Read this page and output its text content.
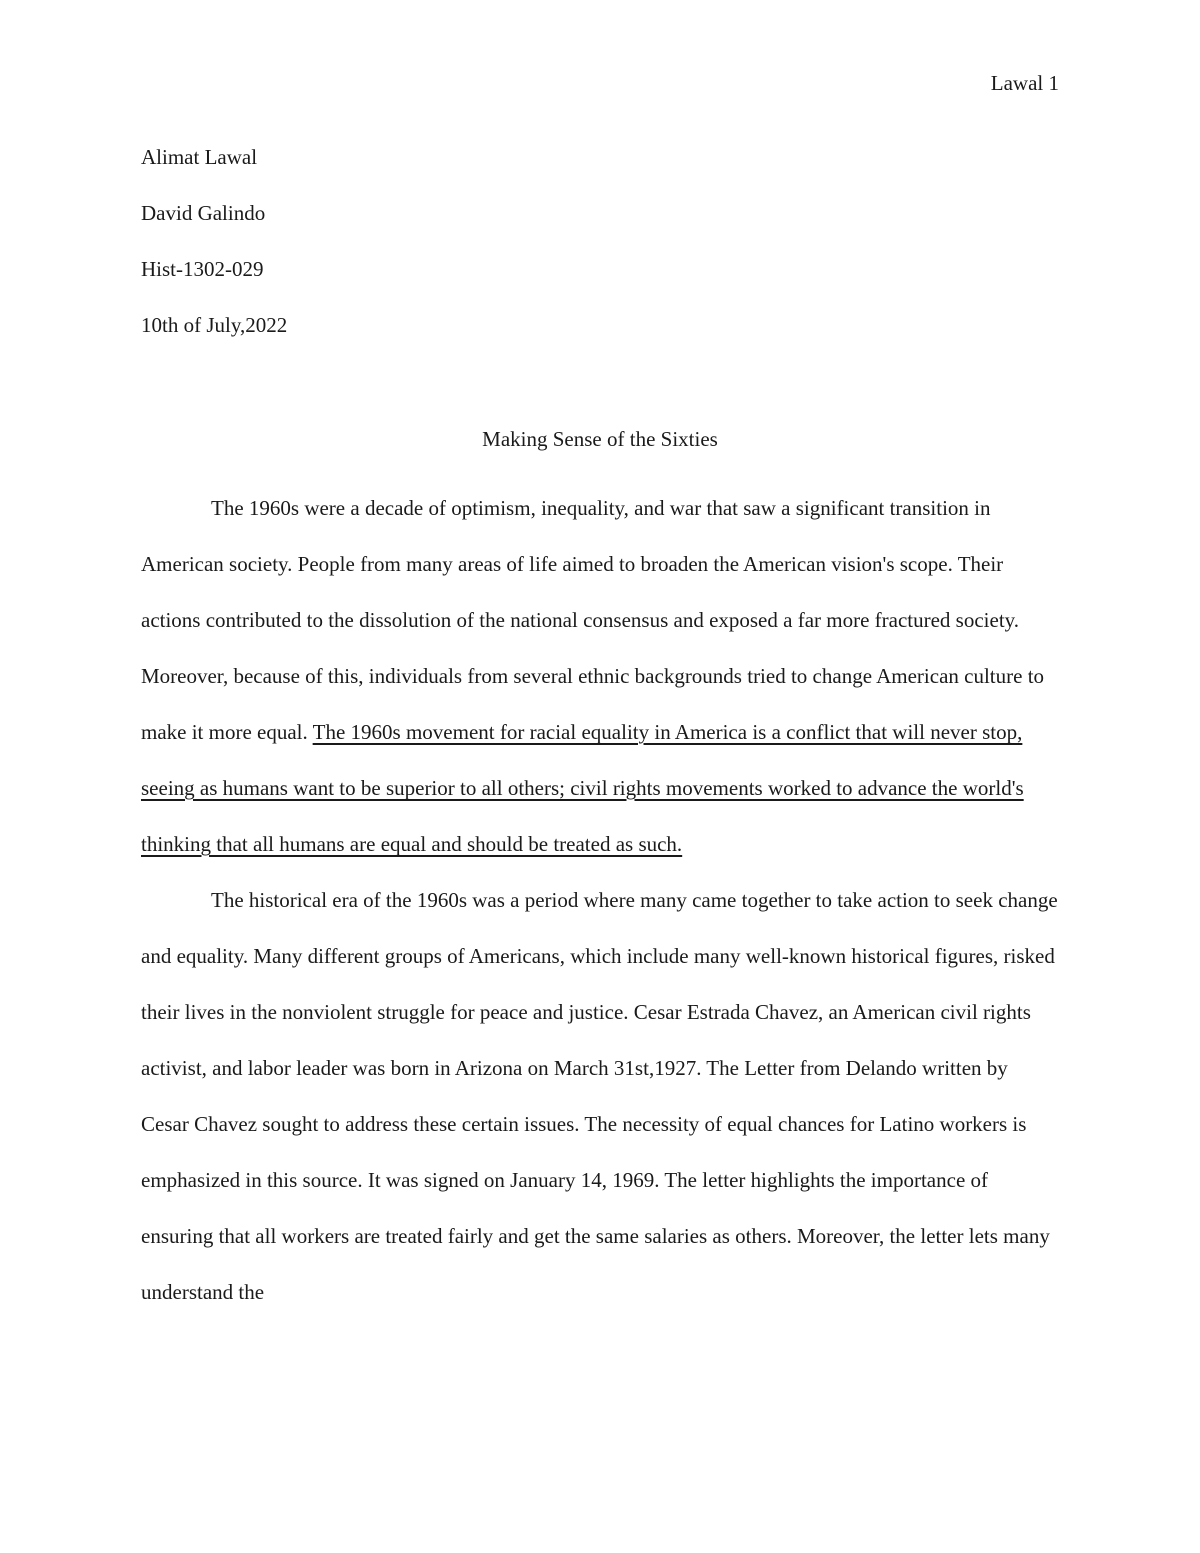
Lawal 1
Alimat Lawal
David Galindo
Hist-1302-029
10th of July,2022
Making Sense of the Sixties

The 1960s were a decade of optimism, inequality, and war that saw a significant transition in American society. People from many areas of life aimed to broaden the American vision's scope. Their actions contributed to the dissolution of the national consensus and exposed a far more fractured society. Moreover, because of this, individuals from several ethnic backgrounds tried to change American culture to make it more equal. The 1960s movement for racial equality in America is a conflict that will never stop, seeing as humans want to be superior to all others; civil rights movements worked to advance the world's thinking that all humans are equal and should be treated as such.

The historical era of the 1960s was a period where many came together to take action to seek change and equality. Many different groups of Americans, which include many well-known historical figures, risked their lives in the nonviolent struggle for peace and justice. Cesar Estrada Chavez, an American civil rights activist, and labor leader was born in Arizona on March 31st,1927. The Letter from Delando written by Cesar Chavez sought to address these certain issues. The necessity of equal chances for Latino workers is emphasized in this source. It was signed on January 14, 1969. The letter highlights the importance of ensuring that all workers are treated fairly and get the same salaries as others. Moreover, the letter lets many understand the
